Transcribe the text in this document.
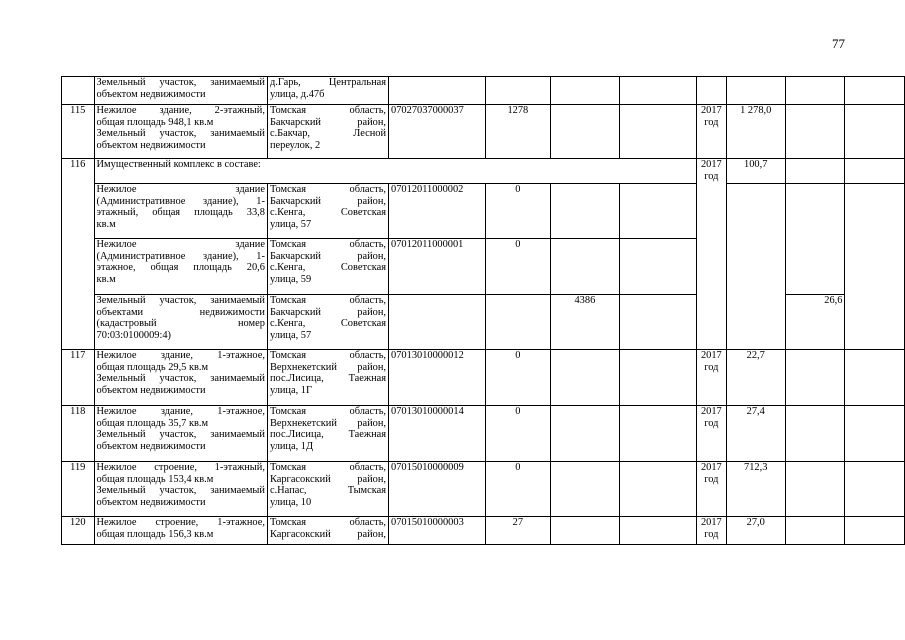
77

	Земельный участок, занимаемый
объектом недвижимости	д.Гарь, Центральная
улица, д.47б								

115	Нежилое здание, 2-этажный,
общая площадь 948,1 кв.м
Земельный участок, занимаемый
объектом недвижимости	Томская область,
Бакчарский район,
с.Бакчар, Лесной
переулок, 2	07027037000037	1278			2017
год	1 278,0		
116	Имущественный комплекс в составе:						2017
год	100,7		

	Нежилое здание
(Административное здание), 1-
этажный, общая площадь 33,8
кв.м	Томская область,
Бакчарский район,
с.Кенга, Советская
улица, 57	07012011000002	0						

	Нежилое здание
(Административное здание), 1-
этажное, общая площадь 20,6
кв.м	Томская область,
Бакчарский район,
с.Кенга, Советская
улица, 59	07012011000001	0						

	Земельный участок, занимаемый
объектами недвижимости
(кадастровый номер
70:03:0100009:4)	Томская область,
Бакчарский район,
с.Кенга, Советская
улица, 57			4386				26,6	
117	Нежилое здание, 1-этажное,
общая площадь 29,5 кв.м
Земельный участок, занимаемый
объектом недвижимости	Томская область,
Верхнекетский район,
пос.Лисица, Таежная
улица, 1Г	07013010000012	0			2017
год	22,7		
118	Нежилое здание, 1-этажное,
общая площадь 35,7 кв.м
Земельный участок, занимаемый
объектом недвижимости	Томская область,
Верхнекетский район,
пос.Лисица, Таежная
улица, 1Д	07013010000014	0			2017
год	27,4		
119	Нежилое строение, 1-этажный,
общая площадь 153,4 кв.м
Земельный участок, занимаемый
объектом недвижимости	Томская область,
Каргасокский район,
с.Напас, Тымская
улица, 10	07015010000009	0			2017
год	712,3		
120	Нежилое строение, 1-этажное,
общая площадь 156,3 кв.м	Томская область,
Каргасокский район,	07015010000003	27			2017
год	27,0		
